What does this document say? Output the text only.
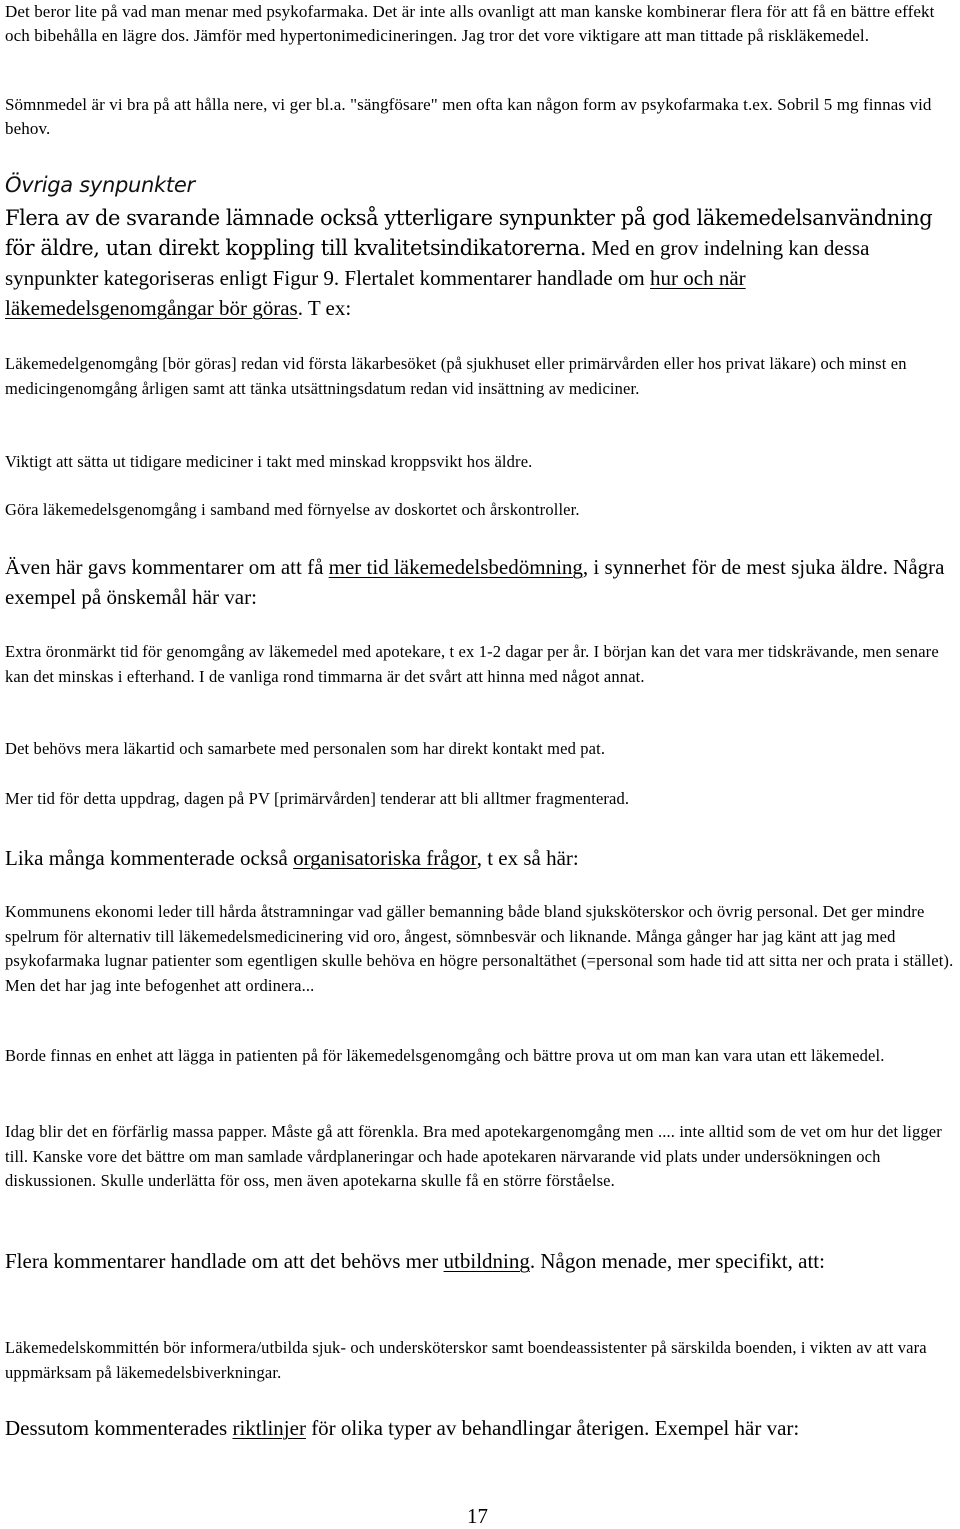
Det beror lite på vad man menar med psykofarmaka. Det är inte alls ovanligt att man kanske kombinerar flera för att få en bättre effekt och bibehålla en lägre dos. Jämför med hypertonimedicineringen. Jag tror det vore viktigare att man tittade på riskläkemedel.

Sömnmedel är vi bra på att hålla nere, vi ger bl.a. "sängfösare" men ofta kan någon form av psykofarmaka t.ex. Sobril 5 mg finnas vid behov.

Övriga synpunkter

Flera av de svarande lämnade också ytterligare synpunkter på god läkemedelsanvändning för äldre, utan direkt koppling till kvalitetsindikatorerna. Med en grov indelning kan dessa synpunkter kategoriseras enligt Figur 9. Flertalet kommentarer handlade om hur och när läkemedelsgenomgångar bör göras. T ex:

Läkemedelgenomgång [bör göras] redan vid första läkarbesöket (på sjukhuset eller primärvården eller hos privat läkare) och minst en medicingenomgång årligen samt att tänka utsättningsdatum redan vid insättning av mediciner.

Viktigt att sätta ut tidigare mediciner i takt med minskad kroppsvikt hos äldre.

Göra läkemedelsgenomgång i samband med förnyelse av doskortet och årskontroller.

Även här gavs kommentarer om att få mer tid läkemedelsbedömning, i synnerhet för de mest sjuka äldre. Några exempel på önskemål här var:

Extra öronmärkt tid för genomgång av läkemedel med apotekare, t ex 1-2 dagar per år. I början kan det vara mer tidskrävande, men senare kan det minskas i efterhand. I de vanliga rond timmarna är det svårt att hinna med något annat.

Det behövs mera läkartid och samarbete med personalen som har direkt kontakt med pat.

Mer tid för detta uppdrag, dagen på PV [primärvården] tenderar att bli alltmer fragmenterad.

Lika många kommenterade också organisatoriska frågor, t ex så här:

Kommunens ekonomi leder till hårda åtstramningar vad gäller bemanning både bland sjuksköterskor och övrig personal. Det ger mindre spelrum för alternativ till läkemedelsmedicinering vid oro, ångest, sömnbesvär och liknande. Många gånger har jag känt att jag med psykofarmaka lugnar patienter som egentligen skulle behöva en högre personaltäthet (=personal som hade tid att sitta ner och prata i stället). Men det har jag inte befogenhet att ordinera...

Borde finnas en enhet att lägga in patienten på för läkemedelsgenomgång och bättre prova ut om man kan vara utan ett läkemedel.

Idag blir det en förfärlig massa papper. Måste gå att förenkla. Bra med apotekargenomgång men .... inte alltid som de vet om hur det ligger till. Kanske vore det bättre om man samlade vårdplaneringar och hade apotekaren närvarande vid plats under undersökningen och diskussionen. Skulle underlätta för oss, men även apotekarna skulle få en större förståelse.

Flera kommentarer handlade om att det behövs mer utbildning. Någon menade, mer specifikt, att:

Läkemedelskommittén bör informera/utbilda sjuk- och undersköterskor samt boendeassistenter på särskilda boenden, i vikten av att vara uppmärksam på läkemedelsbiverkningar.

Dessutom kommenterades riktlinjer för olika typer av behandlingar återigen. Exempel här var:

17
